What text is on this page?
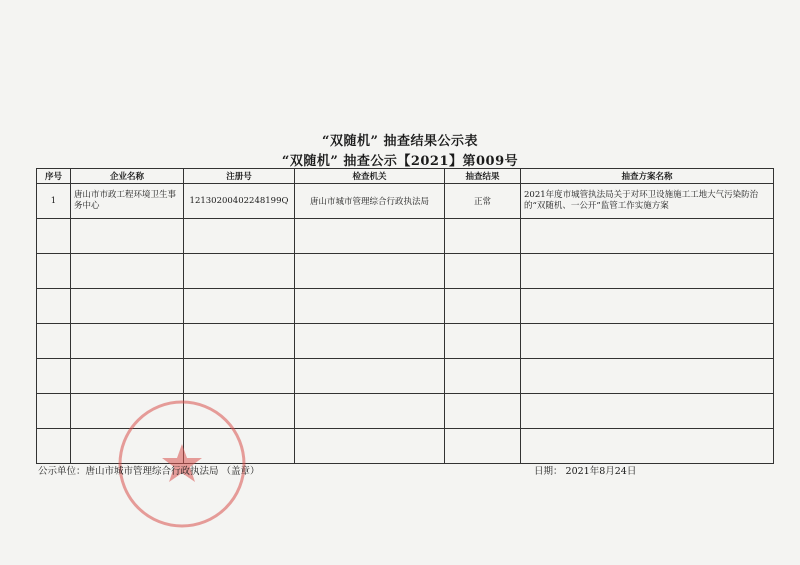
“双随机” 抽查结果公示表
“双随机” 抽查公示【2021】第009号
序号	企业名称	注册号	检查机关	抽查结果	抽查方案名称
1	唐山市市政工程环境卫生事务中心	12130200402248199Q	唐山市城市管理综合行政执法局	正常	2021年度市城管执法局关于对环卫设施施工工地大气污染防治的“双随机、一公开”监管工作实施方案

公示单位：唐山市城市管理综合行政执法局 （盖章）	日期： 2021年8月24日
